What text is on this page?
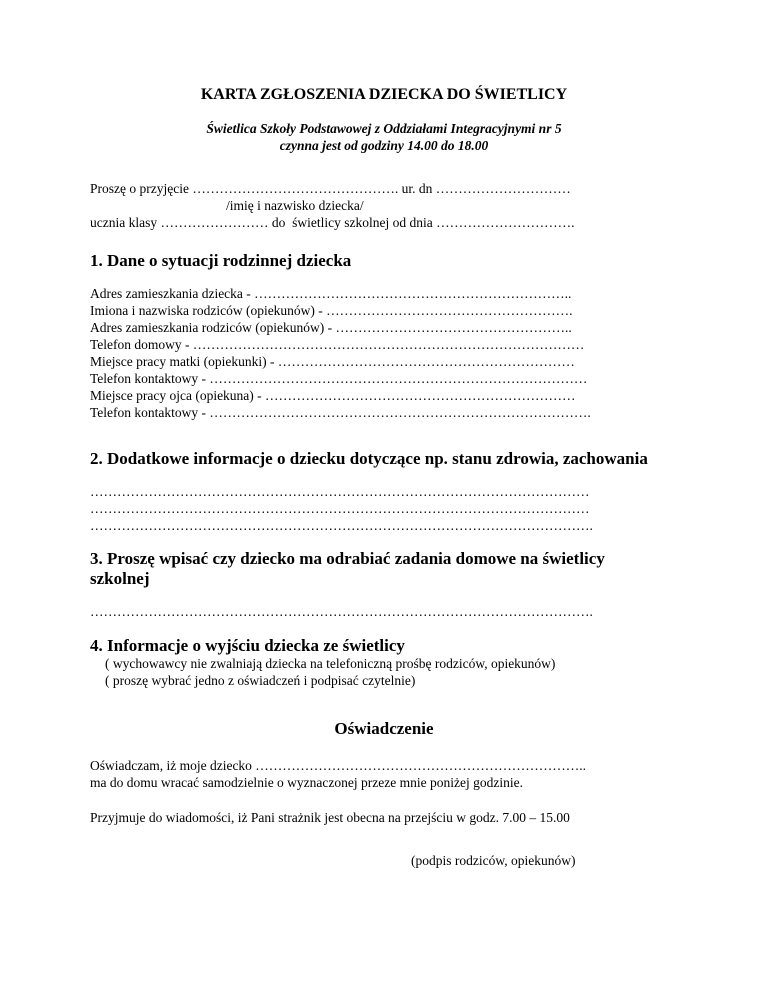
KARTA ZGŁOSZENIA DZIECKA DO ŚWIETLICY
Świetlica Szkoły Podstawowej z Oddziałami Integracyjnymi nr 5
czynna jest od godziny 14.00 do 18.00
Proszę o przyjęcie ………………………………………. ur. dn …………………………
/imię i nazwisko dziecka/
ucznia klasy …………………… do  świetlicy szkolnej od dnia ………………………….
1. Dane o sytuacji rodzinnej dziecka
Adres zamieszkania dziecka - ……………………………………………………………..
Imiona i nazwiska rodziców (opiekunów) - ……………………………………………….
Adres zamieszkania rodziców (opiekunów) - ……………………………………………..
Telefon domowy - ……………………………………………………………………………
Miejsce pracy matki (opiekunki) - …………………………………………………………
Telefon kontaktowy - …………………………………………………………………………
Miejsce pracy ojca (opiekuna) - ……………………………………………………………
Telefon kontaktowy - ………………………………………………………………………….
2. Dodatkowe informacje o dziecku dotyczące np. stanu zdrowia, zachowania
…………………………………………………………………………………………………
…………………………………………………………………………………………………
………………………………………………………………………………………………….
3. Proszę wpisać czy dziecko ma odrabiać zadania domowe na świetlicy
szkolnej
………………………………………………………………………………………………….
4. Informacje o wyjściu dziecka ze świetlicy
( wychowawcy nie zwalniają dziecka na telefoniczną prośbę rodziców, opiekunów)
( proszę wybrać jedno z oświadczeń i podpisać czytelnie)
Oświadczenie
Oświadczam, iż moje dziecko ………………………………………………………………..
ma do domu wracać samodzielnie o wyznaczonej przeze mnie poniżej godzinie.
Przyjmuje do wiadomości, iż Pani strażnik jest obecna na przejściu w godz. 7.00 – 15.00
(podpis rodziców, opiekunów)
